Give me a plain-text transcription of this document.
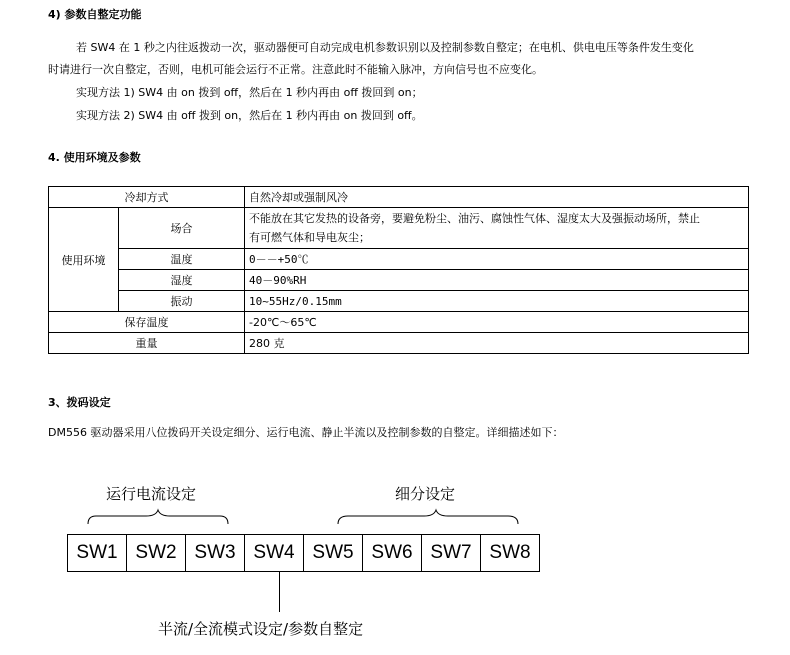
4) 参数自整定功能
若 SW4 在 1 秒之内往返拨动一次，驱动器便可自动完成电机参数识别以及控制参数自整定；在电机、供电电压等条件发生变化
时请进行一次自整定，否则，电机可能会运行不正常。注意此时不能输入脉冲，方向信号也不应变化。
实现方法 1) SW4 由 on 拨到 off，然后在 1 秒内再由 off 拨回到 on；
实现方法 2) SW4 由 off 拨到 on，然后在 1 秒内再由 on 拨回到 off。
4. 使用环境及参数
冷却方式		自然冷却或强制风冷
使用环境	场合	不能放在其它发热的设备旁，要避免粉尘、油污、腐蚀性气体、湿度太大及强振动场所，禁止
有可燃气体和导电灰尘；

	温度	0－－+50℃
	湿度	40－90%RH
	振动	10~55Hz/0.15mm
保存温度		-20℃～65℃
重量		280 克
3、拨码设定
DM556 驱动器采用八位拨码开关设定细分、运行电流、静止半流以及控制参数的自整定。详细描述如下：
运行电流设定	细分设定
SW1 SW2 SW3 SW4 SW5 SW6 SW7 SW8
半流/全流模式设定/参数自整定
